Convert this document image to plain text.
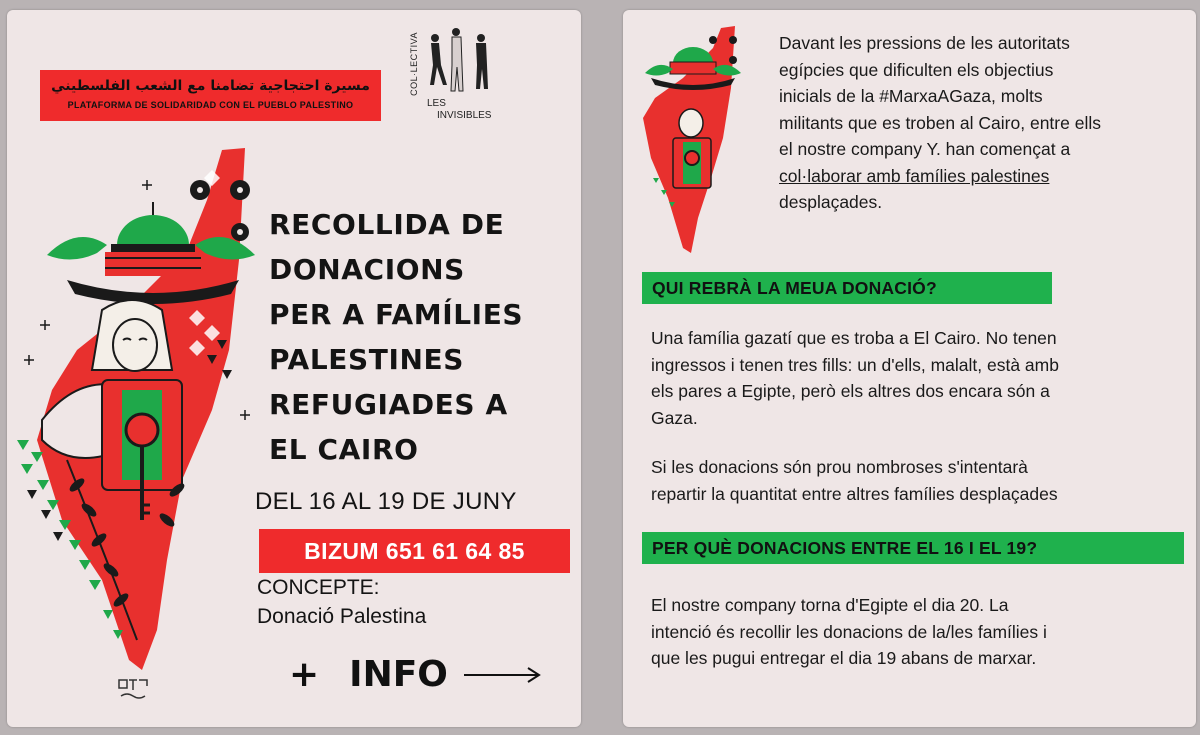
مسيرة احتجاجية تضامنا مع الشعب الفلسطيني
PLATAFORMA DE SOLIDARIDAD CON EL PUEBLO PALESTINO
COL·LECTIVA
LES
INVISIBLES
RECOLLIDA DE
DONACIONS
PER A FAMÍLIES
PALESTINES
REFUGIADES A
EL CAIRO
DEL 16 AL 19 DE JUNY
BIZUM 651 61 64 85
CONCEPTE:
Donació Palestina
+ INFO
Davant les pressions de les autoritats
egípcies que dificulten els objectius
inicials de la #MarxaAGaza, molts
militants que es troben al Cairo, entre ells
el nostre company Y. han començat a
col·laborar amb famílies palestines
desplaçades.
QUI REBRÀ LA MEUA DONACIÓ?
Una família gazatí que es troba a El Cairo. No tenen
ingressos i tenen tres fills: un d'ells, malalt, està amb
els pares a Egipte, però els altres dos encara són a
Gaza.
Si les donacions són prou nombroses s'intentarà
repartir la quantitat entre altres famílies desplaçades
PER QUÈ DONACIONS ENTRE EL 16 I EL 19?
El nostre company torna d'Egipte el dia 20. La
intenció és recollir les donacions de la/les famílies i
que les pugui entregar el dia 19 abans de marxar.
